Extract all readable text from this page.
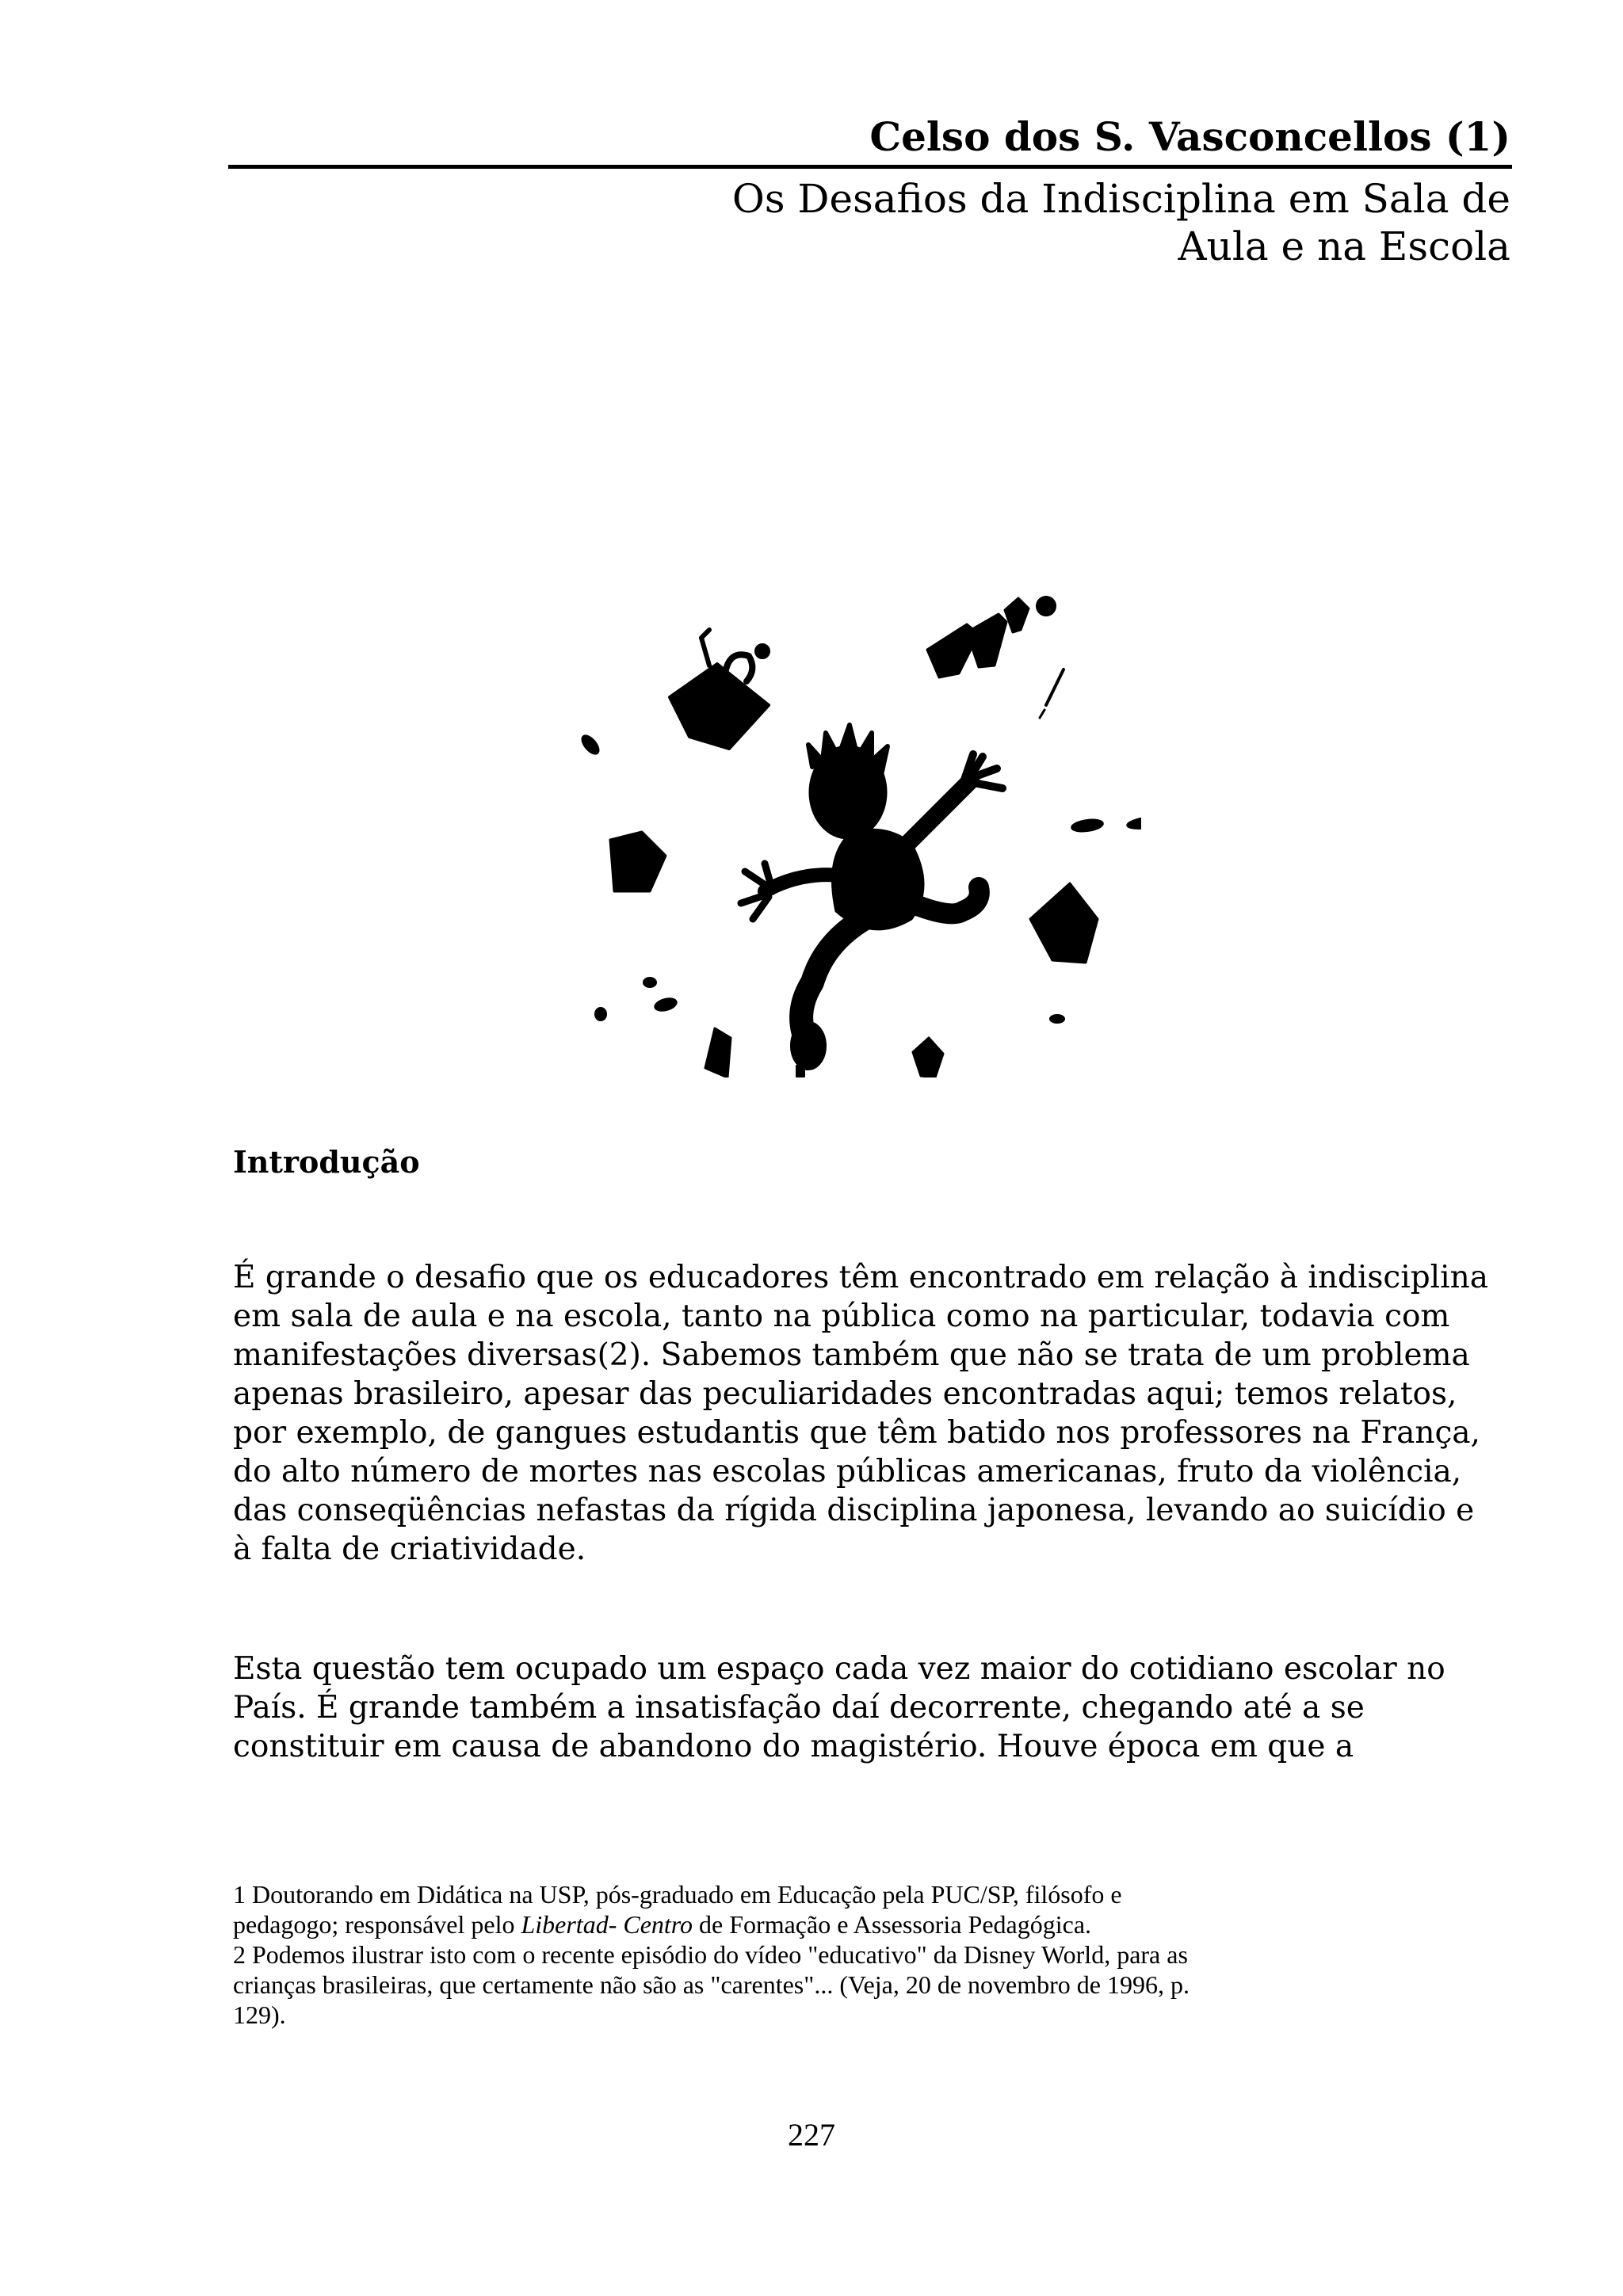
Celso dos S. Vasconcellos (1)
Os Desafios da Indisciplina em Sala de
Aula e na Escola
Introdução

É grande o desafio que os educadores têm encontrado em relação à indisciplina
em sala de aula e na escola, tanto na pública como na particular, todavia com
manifestações diversas(2). Sabemos também que não se trata de um problema
apenas brasileiro, apesar das peculiaridades encontradas aqui; temos relatos,
por exemplo, de gangues estudantis que têm batido nos professores na França,
do alto número de mortes nas escolas públicas americanas, fruto da violência,
das conseqüências nefastas da rígida disciplina japonesa, levando ao suicídio e
à falta de criatividade.

Esta questão tem ocupado um espaço cada vez maior do cotidiano escolar no
País. É grande também a insatisfação daí decorrente, chegando até a se
constituir em causa de abandono do magistério. Houve época em que a

1 Doutorando em Didática na USP, pós-graduado em Educação pela PUC/SP, filósofo e
pedagogo; responsável pelo Libertad- Centro de Formação e Assessoria Pedagógica.

2 Podemos ilustrar isto com o recente episódio do vídeo "educativo" da Disney World, para as
crianças brasileiras, que certamente não são as "carentes"... (Veja, 20 de novembro de 1996, p.
129).

227
